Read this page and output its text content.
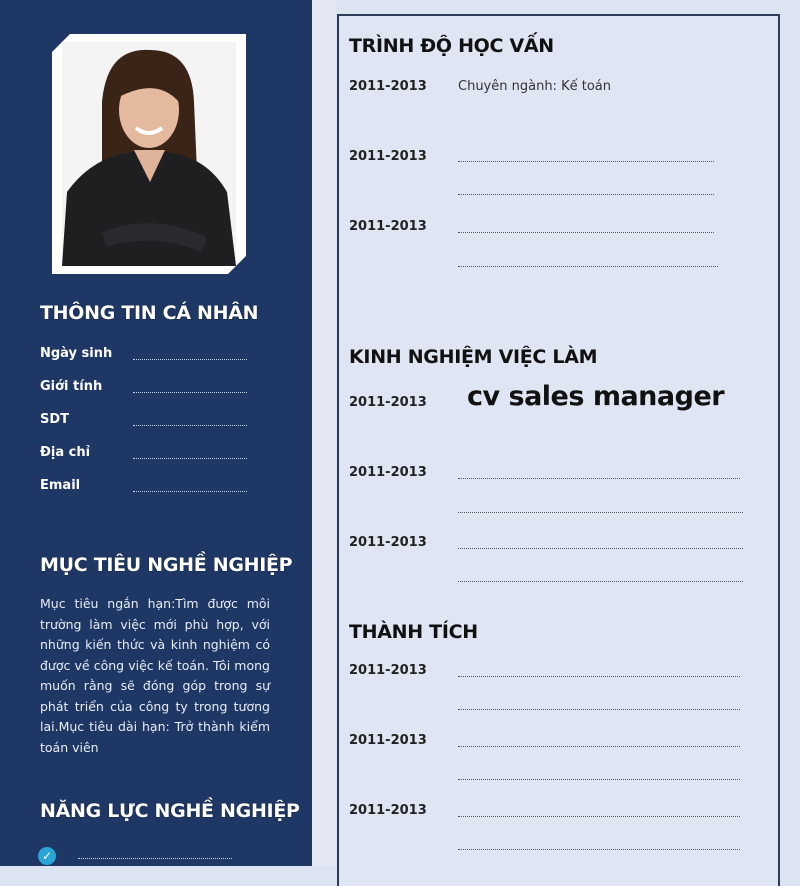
THÔNG TIN CÁ NHÂN
Ngày sinh
Giới tính
SDT
Địa chỉ
Email
MỤC TIÊU NGHỀ NGHIỆP
Mục tiêu ngắn hạn:Tìm được môi trường làm việc mới phù hợp, với những kiến thức và kinh nghiệm có được về công việc kế toán. Tôi mong muốn rằng sẽ đóng góp trong sự phát triển của công ty trong tương lai.Mục tiêu dài hạn: Trở thành kiểm toán viên
NĂNG LỰC NGHỀ NGHIỆP
✓
TRÌNH ĐỘ HỌC VẤN
2011-2013 Chuyên ngành: Kế toán
2011-2013
2011-2013
KINH NGHIỆM VIỆC LÀM
2011-2013 cv sales manager
2011-2013
2011-2013
THÀNH TÍCH
2011-2013
2011-2013
2011-2013
